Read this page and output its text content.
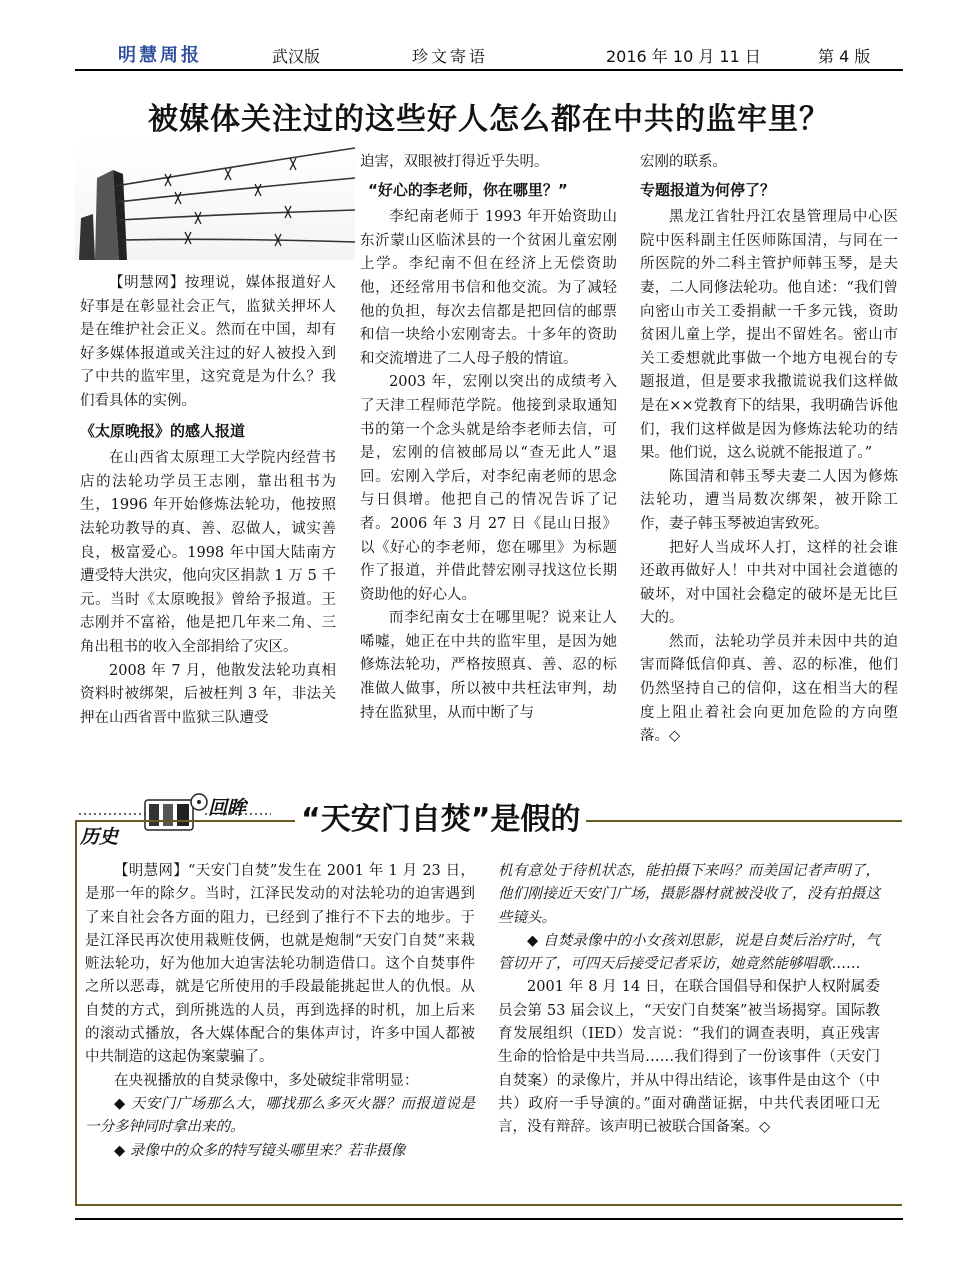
明慧周报	武汉版	珍文寄语	2016 年 10 月 11 日	第 4 版
被媒体关注过的这些好人怎么都在中共的监牢里？

【明慧网】按理说，媒体报道好人好事是在彰显社会正气，监狱关押坏人是在维护社会正义。然而在中国，却有好多媒体报道或关注过的好人被投入到了中共的监牢里，这究竟是为什么？我们看具体的实例。

《太原晚报》的感人报道

在山西省太原理工大学院内经营书店的法轮功学员王志刚，靠出租书为生，1996 年开始修炼法轮功，他按照法轮功教导的真、善、忍做人，诚实善良，极富爱心。1998 年中国大陆南方遭受特大洪灾，他向灾区捐款 1 万 5 千元。当时《太原晚报》曾给予报道。王志刚并不富裕，他是把几年来二角、三角出租书的收入全部捐给了灾区。

2008 年 7 月，他散发法轮功真相资料时被绑架，后被枉判 3 年，非法关押在山西省晋中监狱三队遭受

迫害，双眼被打得近乎失明。

“好心的李老师，你在哪里？”

李纪南老师于 1993 年开始资助山东沂蒙山区临沭县的一个贫困儿童宏刚上学。李纪南不但在经济上无偿资助他，还经常用书信和他交流。为了减轻他的负担，每次去信都是把回信的邮票和信一块给小宏刚寄去。十多年的资助和交流增进了二人母子般的情谊。

2003 年，宏刚以突出的成绩考入了天津工程师范学院。他接到录取通知书的第一个念头就是给李老师去信，可是，宏刚的信被邮局以“查无此人”退回。宏刚入学后，对李纪南老师的思念与日俱增。他把自己的情况告诉了记者。2006 年 3 月 27 日《昆山日报》以《好心的李老师，您在哪里》为标题作了报道，并借此替宏刚寻找这位长期资助他的好心人。

而李纪南女士在哪里呢？说来让人唏嘘，她正在中共的监牢里，是因为她修炼法轮功，严格按照真、善、忍的标准做人做事，所以被中共枉法审判，劫持在监狱里，从而中断了与

宏刚的联系。

专题报道为何停了？

黑龙江省牡丹江农垦管理局中心医院中医科副主任医师陈国清，与同在一所医院的外二科主管护师韩玉琴，是夫妻，二人同修法轮功。他自述：“我们曾向密山市关工委捐献一千多元钱，资助贫困儿童上学，提出不留姓名。密山市关工委想就此事做一个地方电视台的专题报道，但是要求我撒谎说我们这样做是在××党教育下的结果，我明确告诉他们，我们这样做是因为修炼法轮功的结果。他们说，这么说就不能报道了。”

陈国清和韩玉琴夫妻二人因为修炼法轮功，遭当局数次绑架，被开除工作，妻子韩玉琴被迫害致死。

把好人当成坏人打，这样的社会谁还敢再做好人！中共对中国社会道德的破坏，对中国社会稳定的破坏是无比巨大的。

然而，法轮功学员并未因中共的迫害而降低信仰真、善、忍的标准，他们仍然坚持自己的信仰，这在相当大的程度上阻止着社会向更加危险的方向堕落。◇

回眸
历史	“天安门自焚”是假的

【明慧网】“天安门自焚”发生在 2001 年 1 月 23 日，是那一年的除夕。当时，江泽民发动的对法轮功的迫害遇到了来自社会各方面的阻力，已经到了推行不下去的地步。于是江泽民再次使用栽赃伎俩，也就是炮制“天安门自焚”来栽赃法轮功，好为他加大迫害法轮功制造借口。这个自焚事件之所以恶毒，就是它所使用的手段最能挑起世人的仇恨。从自焚的方式，到所挑选的人员，再到选择的时机，加上后来的滚动式播放，各大媒体配合的集体声讨，许多中国人都被中共制造的这起伪案蒙骗了。

在央视播放的自焚录像中，多处破绽非常明显：

◆ 天安门广场那么大，哪找那么多灭火器？而报道说是一分多钟同时拿出来的。

◆ 录像中的众多的特写镜头哪里来？若非摄像

机有意处于待机状态，能拍摄下来吗？而美国记者声明了，他们刚接近天安门广场，摄影器材就被没收了，没有拍摄这些镜头。

◆ 自焚录像中的小女孩刘思影，说是自焚后治疗时，气管切开了，可四天后接受记者采访，她竟然能够唱歌……

2001 年 8 月 14 日，在联合国倡导和保护人权附属委员会第 53 届会议上，“天安门自焚案”被当场揭穿。国际教育发展组织（IED）发言说：“我们的调查表明，真正残害生命的恰恰是中共当局……我们得到了一份该事件（天安门自焚案）的录像片，并从中得出结论，该事件是由这个（中共）政府一手导演的。”面对确凿证据，中共代表团哑口无言，没有辩辞。该声明已被联合国备案。◇
